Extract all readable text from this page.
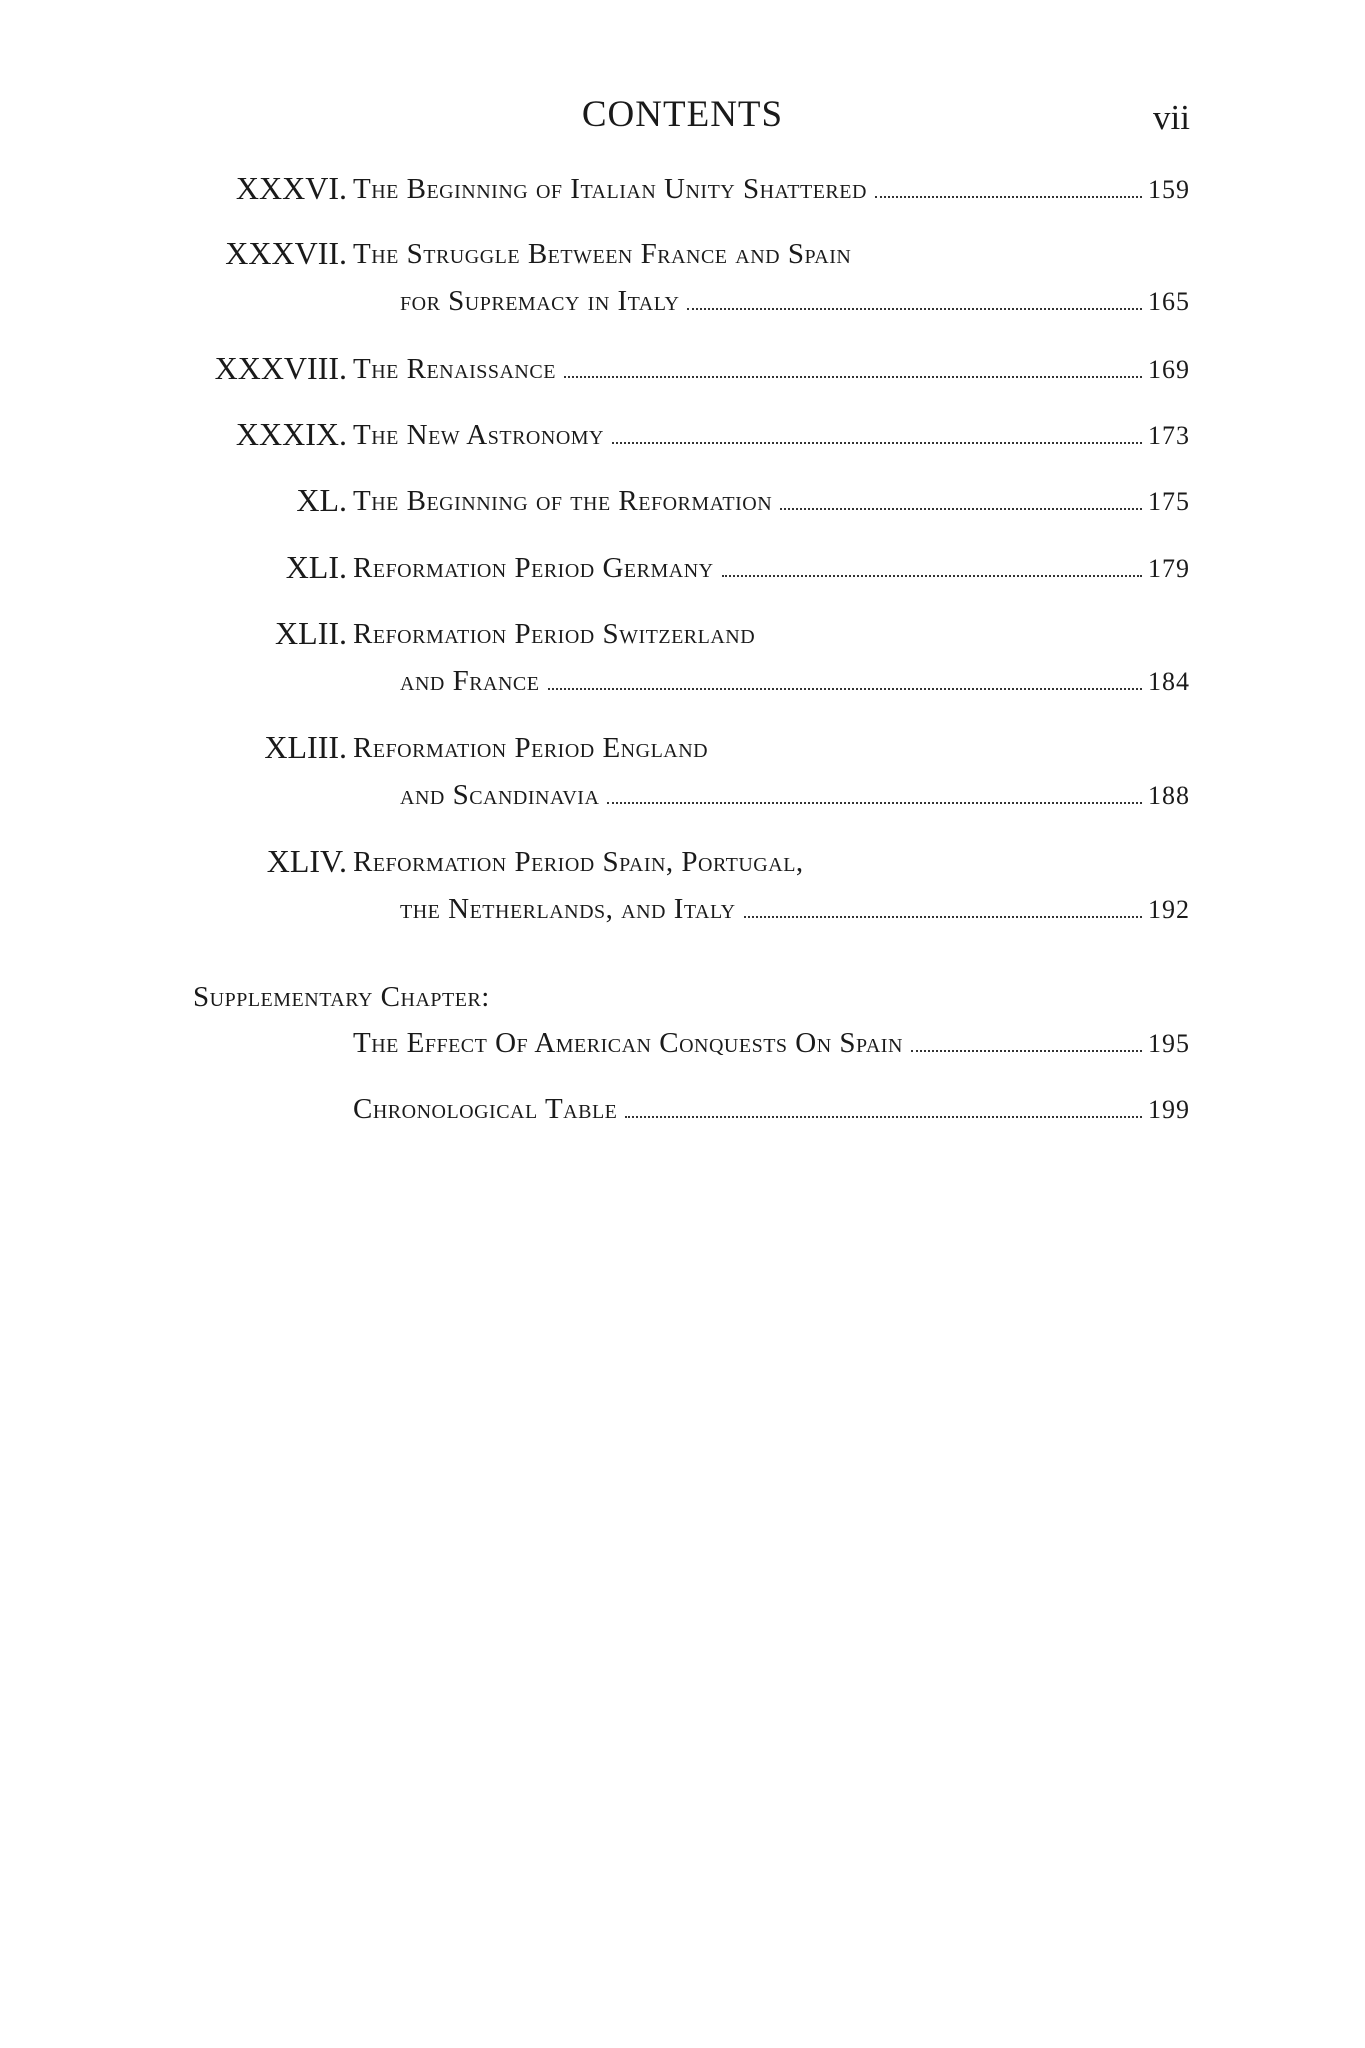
CONTENTS	vii
XXXVI. The Beginning of Italian Unity Shattered	159
XXXVII. The Struggle Between France and Spain
for Supremacy in Italy	165
XXXVIII. The Renaissance	169
XXXIX. The New Astronomy	173
XL. The Beginning of the Reformation	175
XLI. Reformation Period Germany	179
XLII. Reformation Period Switzerland
and France	184
XLIII. Reformation Period England
and Scandinavia	188
XLIV. Reformation Period Spain, Portugal,
the Netherlands, and Italy	192
Supplementary Chapter:
The Effect Of American Conquests On Spain	195
Chronological Table	199
